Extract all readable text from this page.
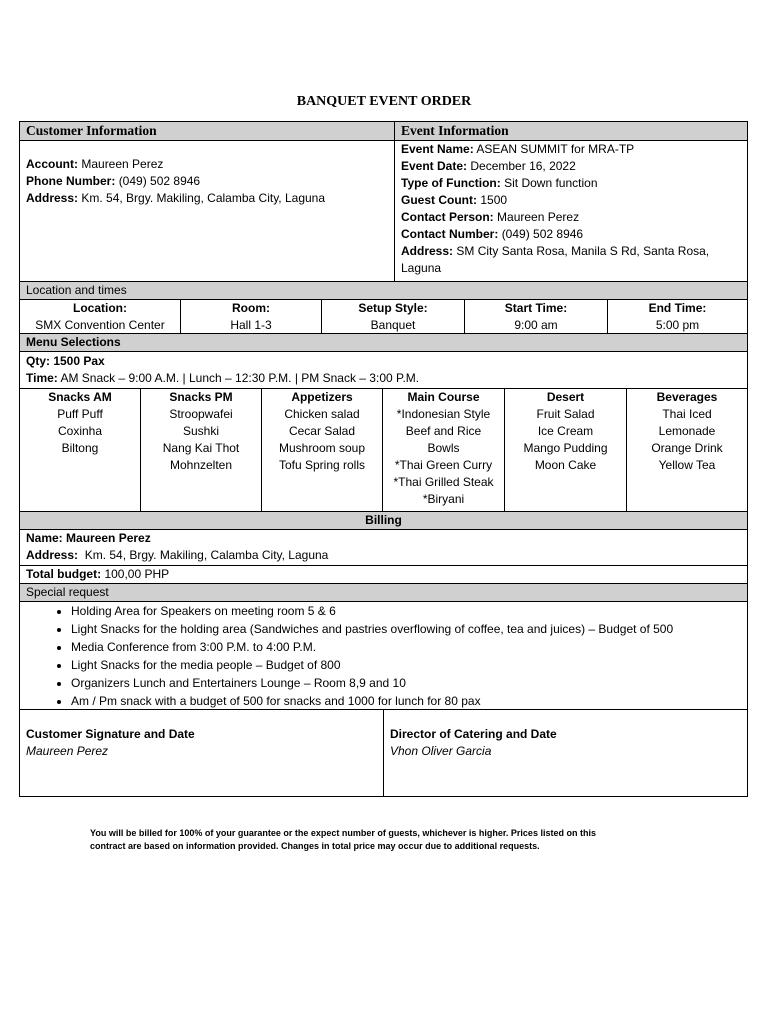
BANQUET EVENT ORDER
Customer Information	Event Information
Account: Maureen Perez
Phone Number: (049) 502 8946
Address: Km. 54, Brgy. Makiling, Calamba City, Laguna
Event Name: ASEAN SUMMIT for MRA-TP
Event Date: December 16, 2022
Type of Function: Sit Down function
Guest Count: 1500
Contact Person: Maureen Perez
Contact Number: (049) 502 8946
Address: SM City Santa Rosa, Manila S Rd, Santa Rosa,
Laguna
Location and times
Location:
SMX Convention Center
Room:
Hall 1-3
Setup Style:
Banquet
Start Time:
9:00 am
End Time:
5:00 pm
Menu Selections
Qty: 1500 Pax
Time: AM Snack – 9:00 A.M. | Lunch – 12:30 P.M. | PM Snack – 3:00 P.M.
Snacks AM
Puff Puff
Coxinha
Biltong
Snacks PM
Stroopwafei
Sushki
Nang Kai Thot
Mohnzelten
Appetizers
Chicken salad
Cecar Salad
Mushroom soup
Tofu Spring rolls
Main Course
*Indonesian Style
Beef and Rice
Bowls
*Thai Green Curry
*Thai Grilled Steak
*Biryani
Desert
Fruit Salad
Ice Cream
Mango Pudding
Moon Cake
Beverages
Thai Iced
Lemonade
Orange Drink
Yellow Tea
Billing
Name: Maureen Perez
Address: Km. 54, Brgy. Makiling, Calamba City, Laguna
Total budget: 100,00 PHP
Special request
• Holding Area for Speakers on meeting room 5 & 6
• Light Snacks for the holding area (Sandwiches and pastries overflowing of coffee, tea and juices) – Budget of 500
• Media Conference from 3:00 P.M. to 4:00 P.M.
• Light Snacks for the media people – Budget of 800
• Organizers Lunch and Entertainers Lounge – Room 8,9 and 10
• Am / Pm snack with a budget of 500 for snacks and 1000 for lunch for 80 pax
Customer Signature and Date
Maureen Perez
Director of Catering and Date
Vhon Oliver Garcia
You will be billed for 100% of your guarantee or the expect number of guests, whichever is higher. Prices listed on this
contract are based on information provided. Changes in total price may occur due to additional requests.
